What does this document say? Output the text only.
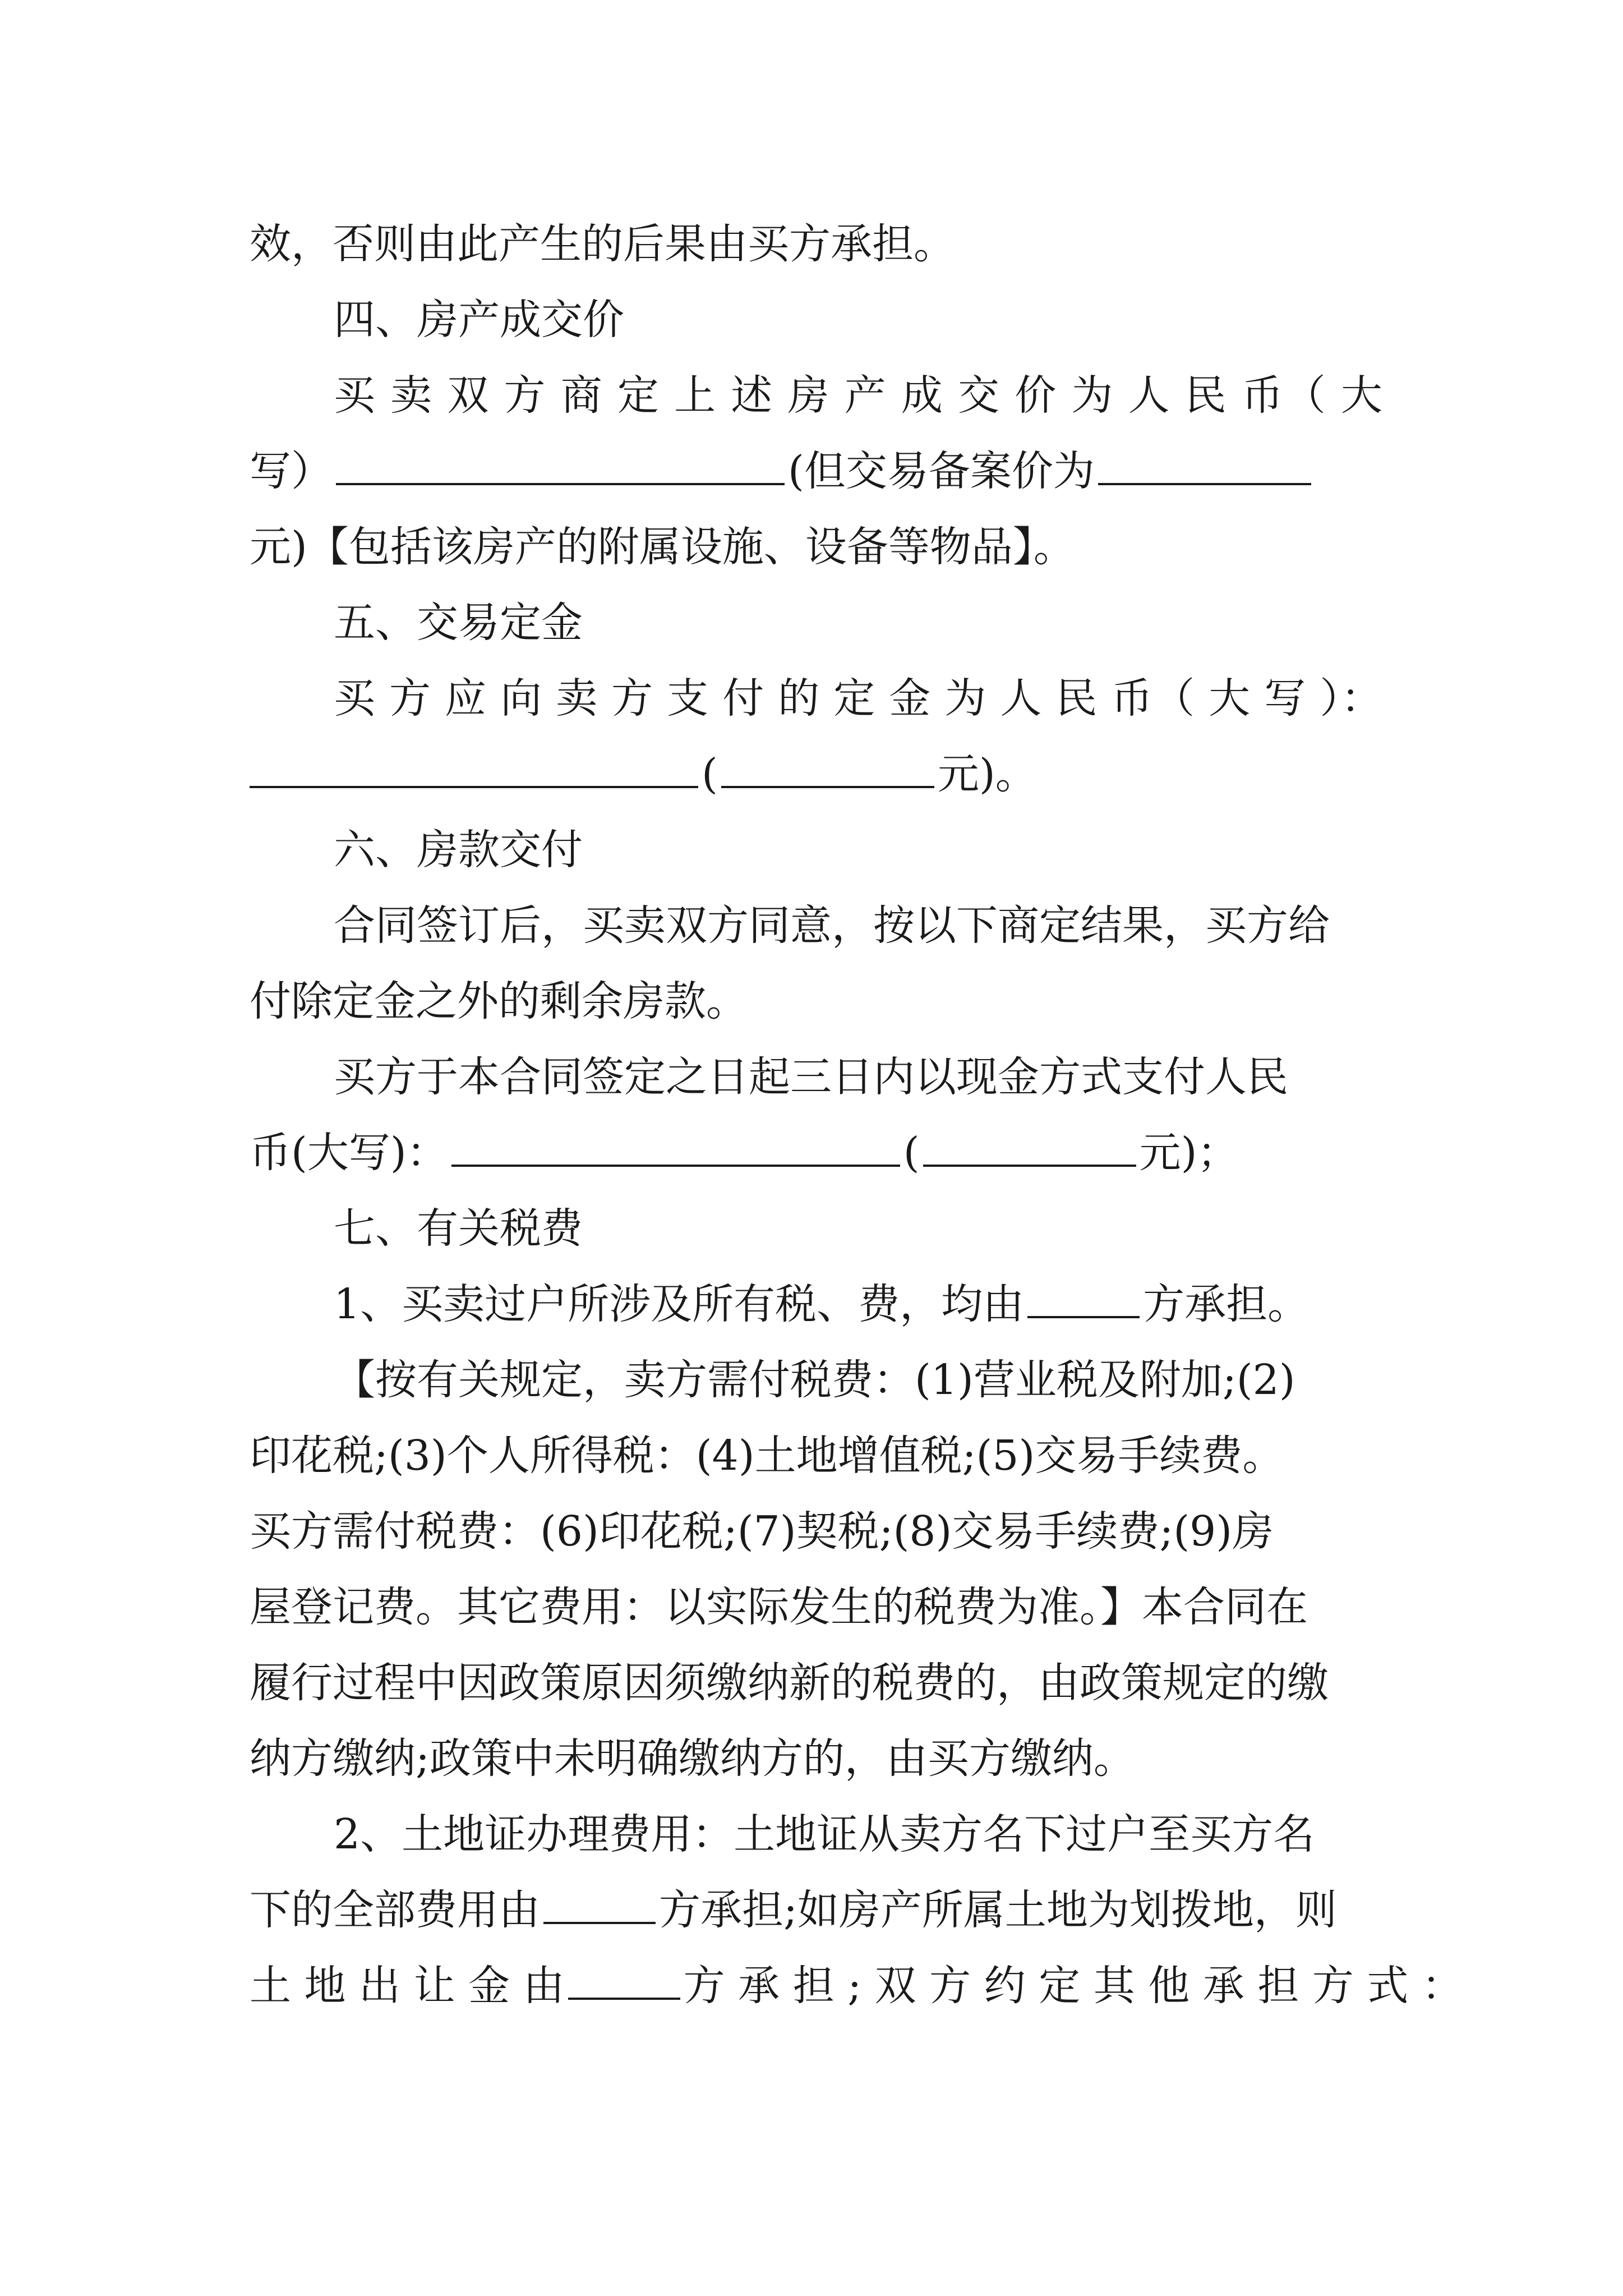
效，否则由此产生的后果由买方承担。
四、房产成交价
买 卖 双 方 商 定 上 述 房 产 成 交 价 为 人 民 币（ 大
写）	(但交易备案价为
元)【包括该房产的附属设施、设备等物品】。
五、交易定金
买 方 应 向 卖 方 支 付 的 定 金 为 人 民 币（ 大 写 ）：
(	元)。
六、房款交付
合同签订后，买卖双方同意，按以下商定结果，买方给
付除定金之外的剩余房款。
买方于本合同签定之日起三日内以现金方式支付人民
币(大写)：	(	元)；
七、有关税费
1、买卖过户所涉及所有税、费，均由	方承担。
【按有关规定，卖方需付税费：(1)营业税及附加;(2)
印花税;(3)个人所得税：(4)土地增值税;(5)交易手续费。
买方需付税费：(6)印花税;(7)契税;(8)交易手续费;(9)房
屋登记费。其它费用：以实际发生的税费为准。】本合同在
履行过程中因政策原因须缴纳新的税费的，由政策规定的缴
纳方缴纳;政策中未明确缴纳方的，由买方缴纳。
2、土地证办理费用：土地证从卖方名下过户至买方名
下的全部费用由	方承担;如房产所属土地为划拨地，则
土 地 出 让 金 由	方 承 担 ; 双 方 约 定 其 他 承 担 方 式 ：
